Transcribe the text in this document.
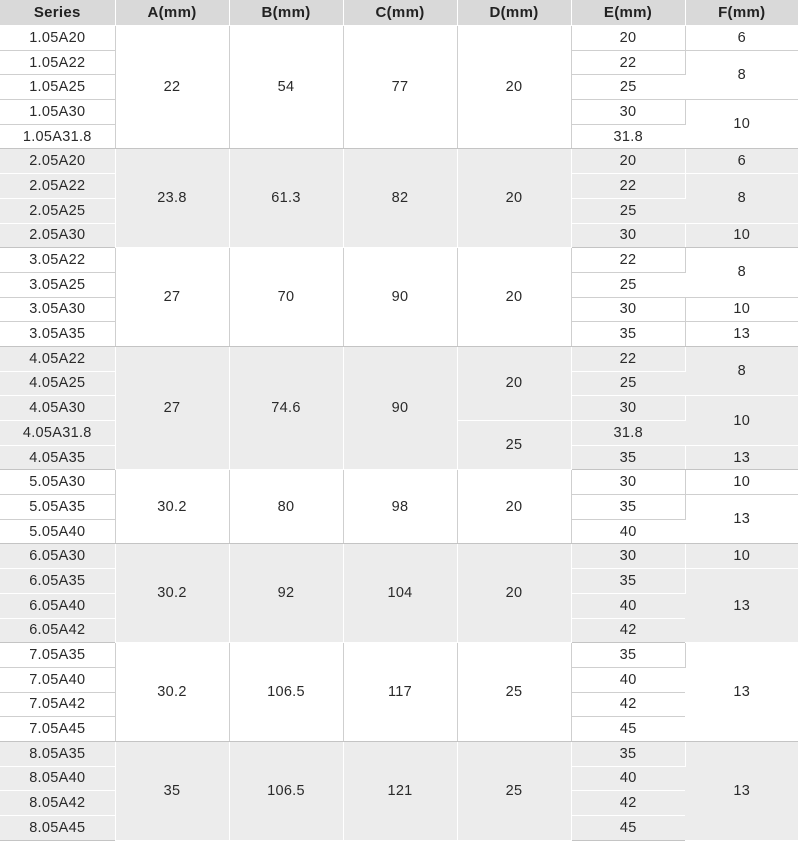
Series	A(mm)	B(mm)	C(mm)	D(mm)	E(mm)	F(mm)
1.05A20	22	54	77	20	20	6
1.05A22					22	8
1.05A25					25	
1.05A30					30	10
1.05A31.8					31.8	
2.05A20	23.8	61.3	82	20	20	6
2.05A22					22	8
2.05A25					25	
2.05A30					30	10
3.05A22	27	70	90	20	22	8
3.05A25					25	
3.05A30					30	10
3.05A35					35	13
4.05A22	27	74.6	90	20	22	8
4.05A25					25	
4.05A30					30	10
4.05A31.8				25	31.8	
4.05A35					35	13
5.05A30	30.2	80	98	20	30	10
5.05A35					35	13
5.05A40					40	
6.05A30	30.2	92	104	20	30	10
6.05A35					35	13
6.05A40					40	
6.05A42					42	
7.05A35	30.2	106.5	117	25	35	13
7.05A40					40	
7.05A42					42	
7.05A45					45	
8.05A35	35	106.5	121	25	35	13
8.05A40					40	
8.05A42					42	
8.05A45					45	
